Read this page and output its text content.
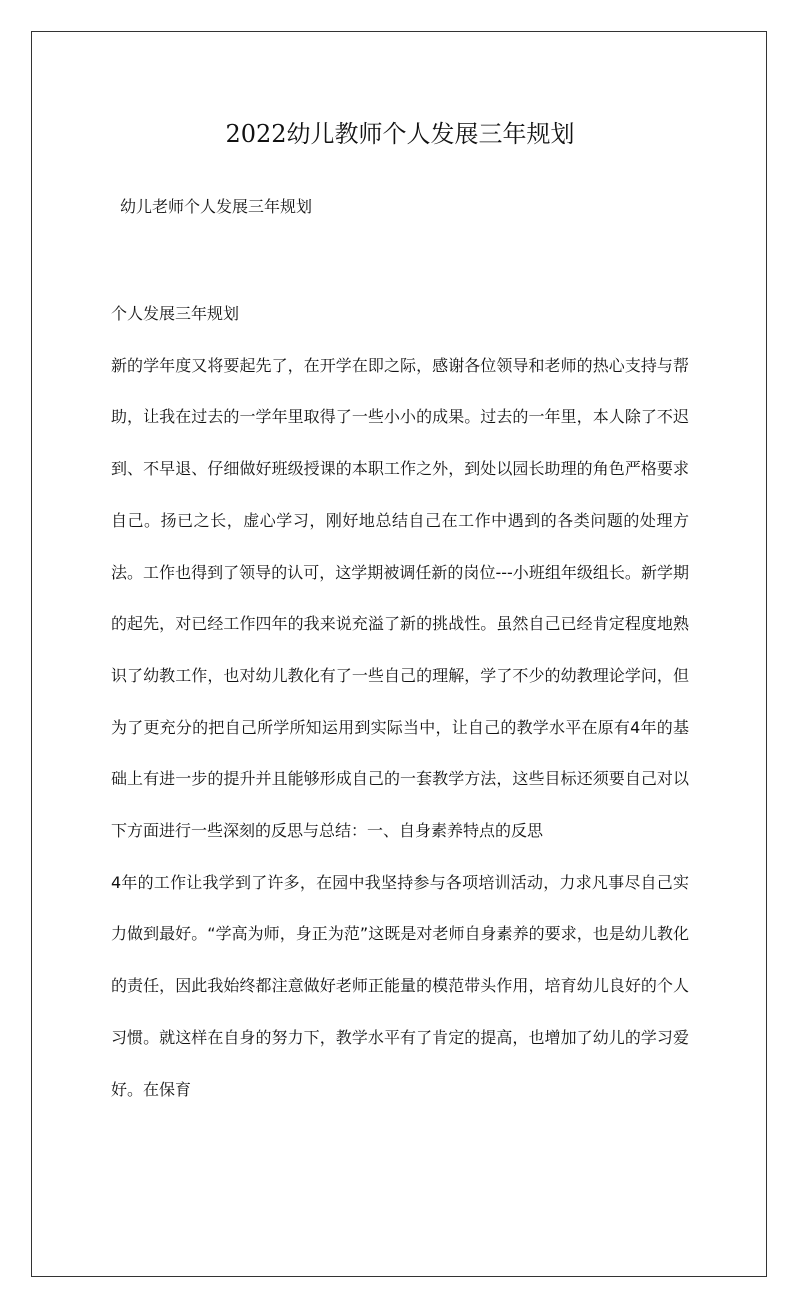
2022幼儿教师个人发展三年规划
幼儿老师个人发展三年规划

个人发展三年规划

新的学年度又将要起先了，在开学在即之际，感谢各位领导和老师的热心支持与帮助，让我在过去的一学年里取得了一些小小的成果。过去的一年里，本人除了不迟到、不早退、仔细做好班级授课的本职工作之外，到处以园长助理的角色严格要求自己。扬已之长，虚心学习，刚好地总结自己在工作中遇到的各类问题的处理方法。工作也得到了领导的认可，这学期被调任新的岗位---小班组年级组长。新学期的起先，对已经工作四年的我来说充溢了新的挑战性。虽然自己已经肯定程度地熟识了幼教工作，也对幼儿教化有了一些自己的理解，学了不少的幼教理论学问，但为了更充分的把自己所学所知运用到实际当中，让自己的教学水平在原有4年的基础上有进一步的提升并且能够形成自己的一套教学方法，这些目标还须要自己对以下方面进行一些深刻的反思与总结：一、自身素养特点的反思

4年的工作让我学到了许多，在园中我坚持参与各项培训活动，力求凡事尽自己实力做到最好。“学高为师，身正为范”这既是对老师自身素养的要求，也是幼儿教化的责任，因此我始终都注意做好老师正能量的模范带头作用，培育幼儿良好的个人习惯。就这样在自身的努力下，教学水平有了肯定的提高，也增加了幼儿的学习爱好。在保育
